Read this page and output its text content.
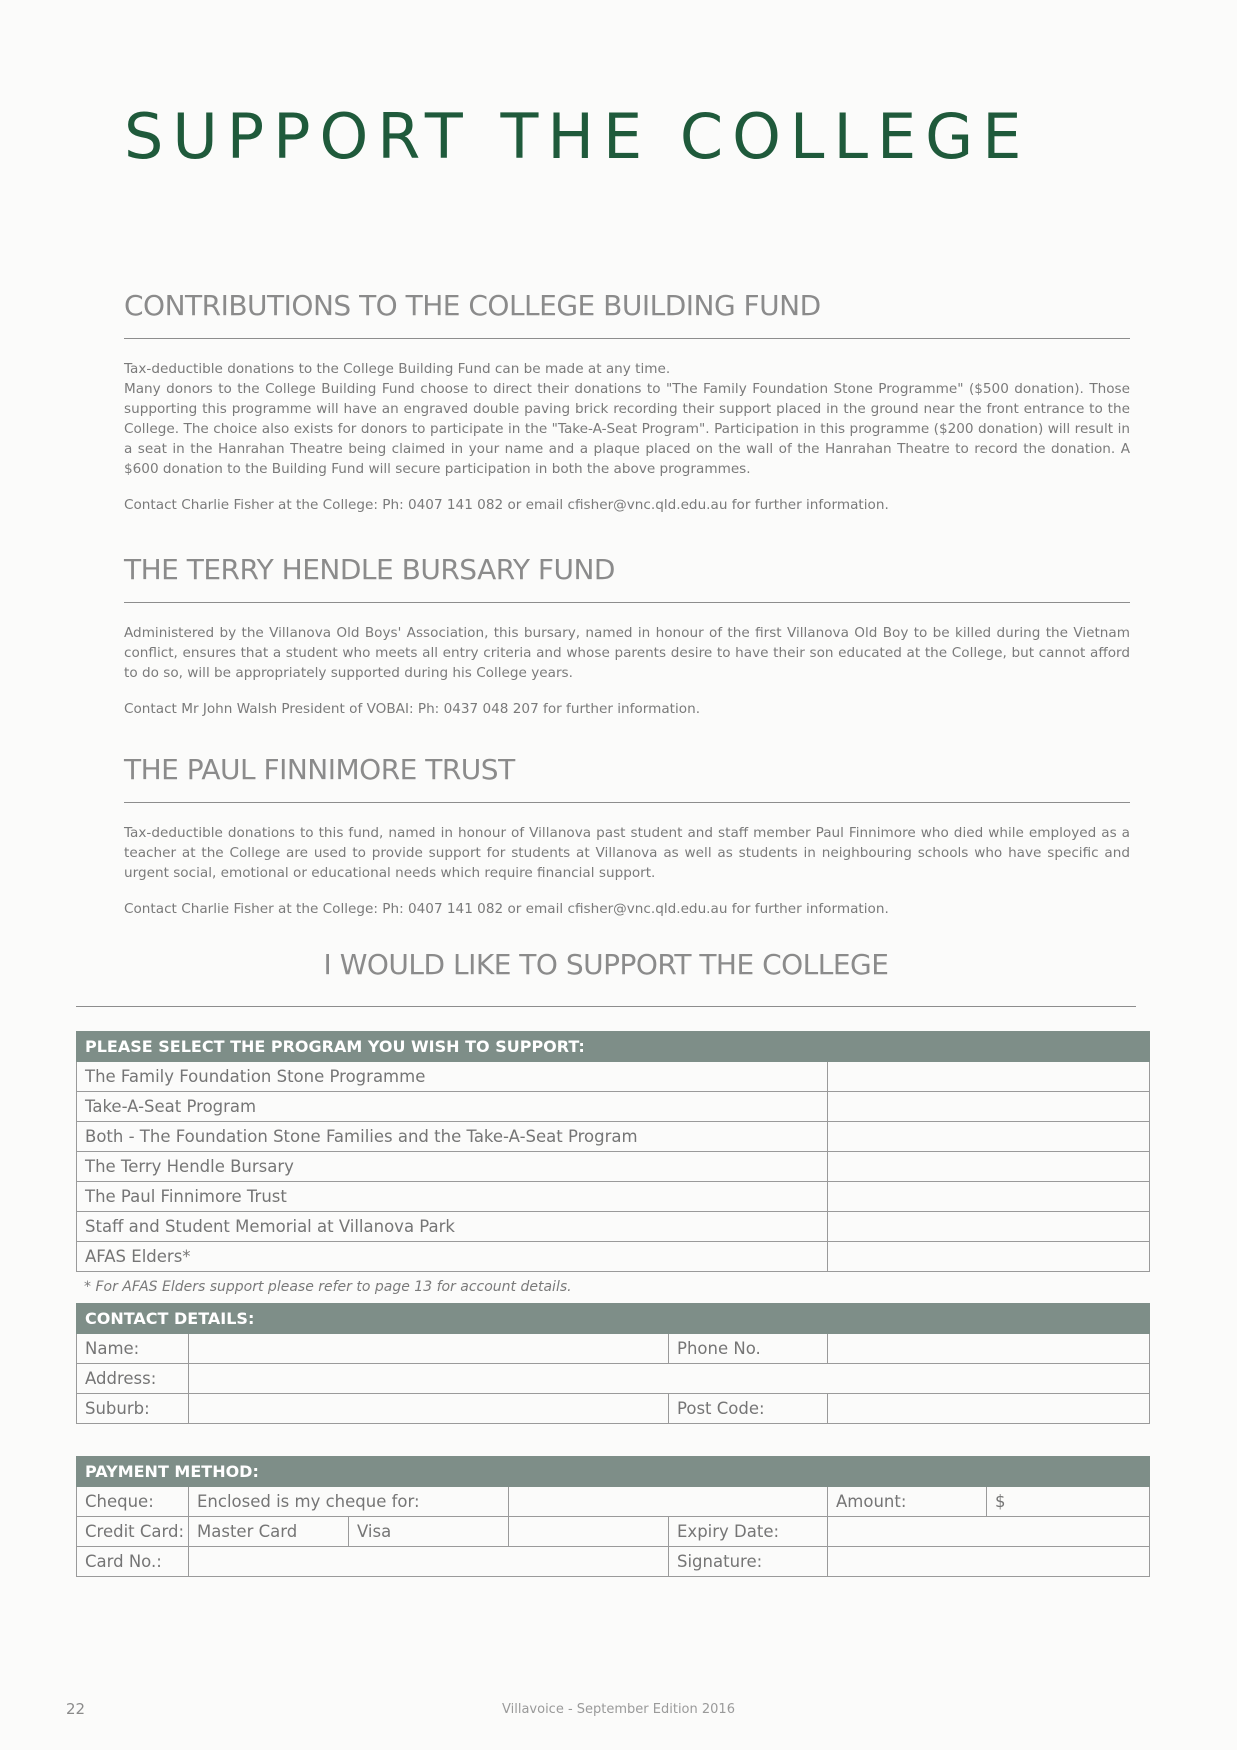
SUPPORT THE COLLEGE
CONTRIBUTIONS TO THE COLLEGE BUILDING FUND

Tax-deductible donations to the College Building Fund can be made at any time.

Many donors to the College Building Fund choose to direct their donations to "The Family Foundation Stone Programme" ($500 donation). Those supporting this programme will have an engraved double paving brick recording their support placed in the ground near the front entrance to the College. The choice also exists for donors to participate in the "Take-A-Seat Program". Participation in this programme ($200 donation) will result in a seat in the Hanrahan Theatre being claimed in your name and a plaque placed on the wall of the Hanrahan Theatre to record the donation. A $600 donation to the Building Fund will secure participation in both the above programmes.

Contact Charlie Fisher at the College: Ph: 0407 141 082 or email cfisher@vnc.qld.edu.au for further information.
THE TERRY HENDLE BURSARY FUND

Administered by the Villanova Old Boys' Association, this bursary, named in honour of the first Villanova Old Boy to be killed during the Vietnam conflict, ensures that a student who meets all entry criteria and whose parents desire to have their son educated at the College, but cannot afford to do so, will be appropriately supported during his College years.

Contact Mr John Walsh President of VOBAI: Ph: 0437 048 207 for further information.
THE PAUL FINNIMORE TRUST

Tax-deductible donations to this fund, named in honour of Villanova past student and staff member Paul Finnimore who died while employed as a teacher at the College are used to provide support for students at Villanova as well as students in neighbouring schools who have specific and urgent social, emotional or educational needs which require financial support.

Contact Charlie Fisher at the College: Ph: 0407 141 082 or email cfisher@vnc.qld.edu.au for further information.
I WOULD LIKE TO SUPPORT THE COLLEGE
PLEASE SELECT THE PROGRAM YOU WISH TO SUPPORT:	
The Family Foundation Stone Programme	
Take-A-Seat Program	
Both - The Foundation Stone Families and the Take-A-Seat Program	
The Terry Hendle Bursary	
The Paul Finnimore Trust	
Staff and Student Memorial at Villanova Park	
AFAS Elders*	
* For AFAS Elders support please refer to page 13 for account details.
CONTACT DETAILS:			
Name:		Phone No.	
Address:			
Suburb:		Post Code:	
PAYMENT METHOD:						
Cheque:	Enclosed is my cheque for:				Amount:	$
Credit Card:	Master Card	Visa		Expiry Date:		
Card No.:				Signature:		
22	Villavoice - September Edition 2016
